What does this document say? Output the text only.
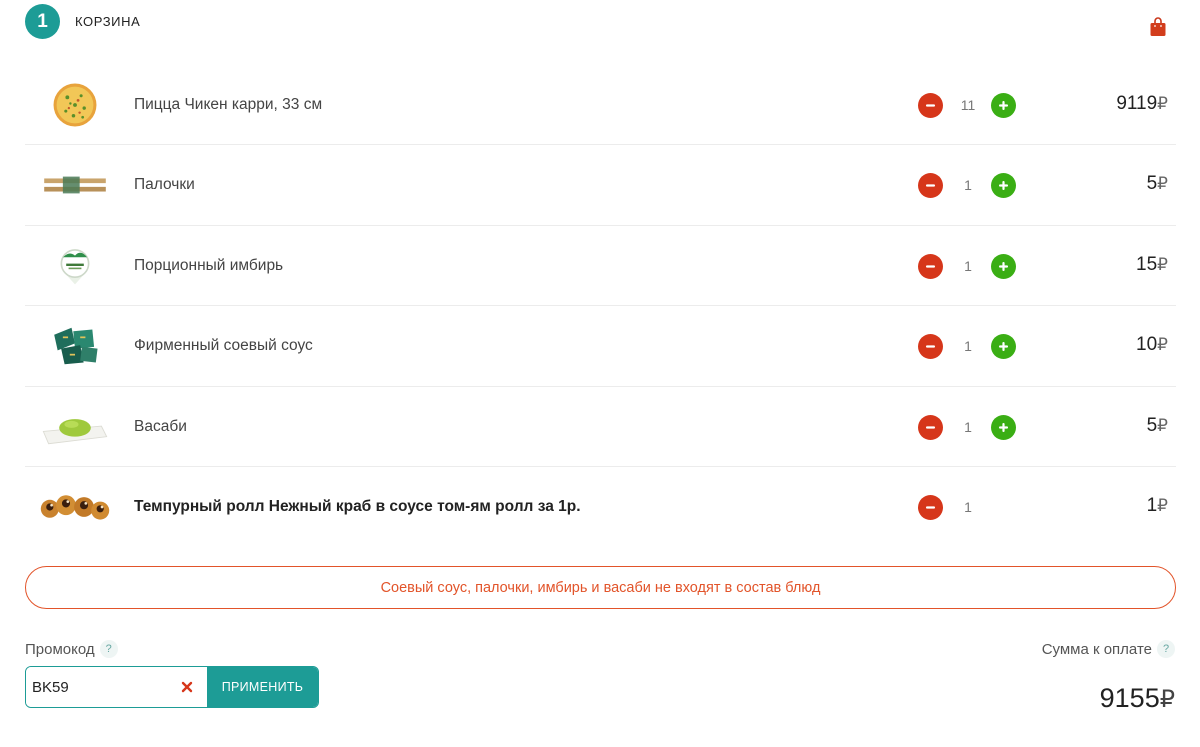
1	КОРЗИНА
Пицца Чикен карри, 33 см	11	9119₽
Палочки	1	5₽
Порционный имбирь	1	15₽
Фирменный соевый соус	1	10₽
Васаби	1	5₽
Темпурный ролл Нежный краб в соусе том-ям ролл за 1р.	1	1₽
Соевый соус, палочки, имбирь и васаби не входят в состав блюд
Промокод ?
BK59
ПРИМЕНИТЬ
Сумма к оплате ?
9155₽
